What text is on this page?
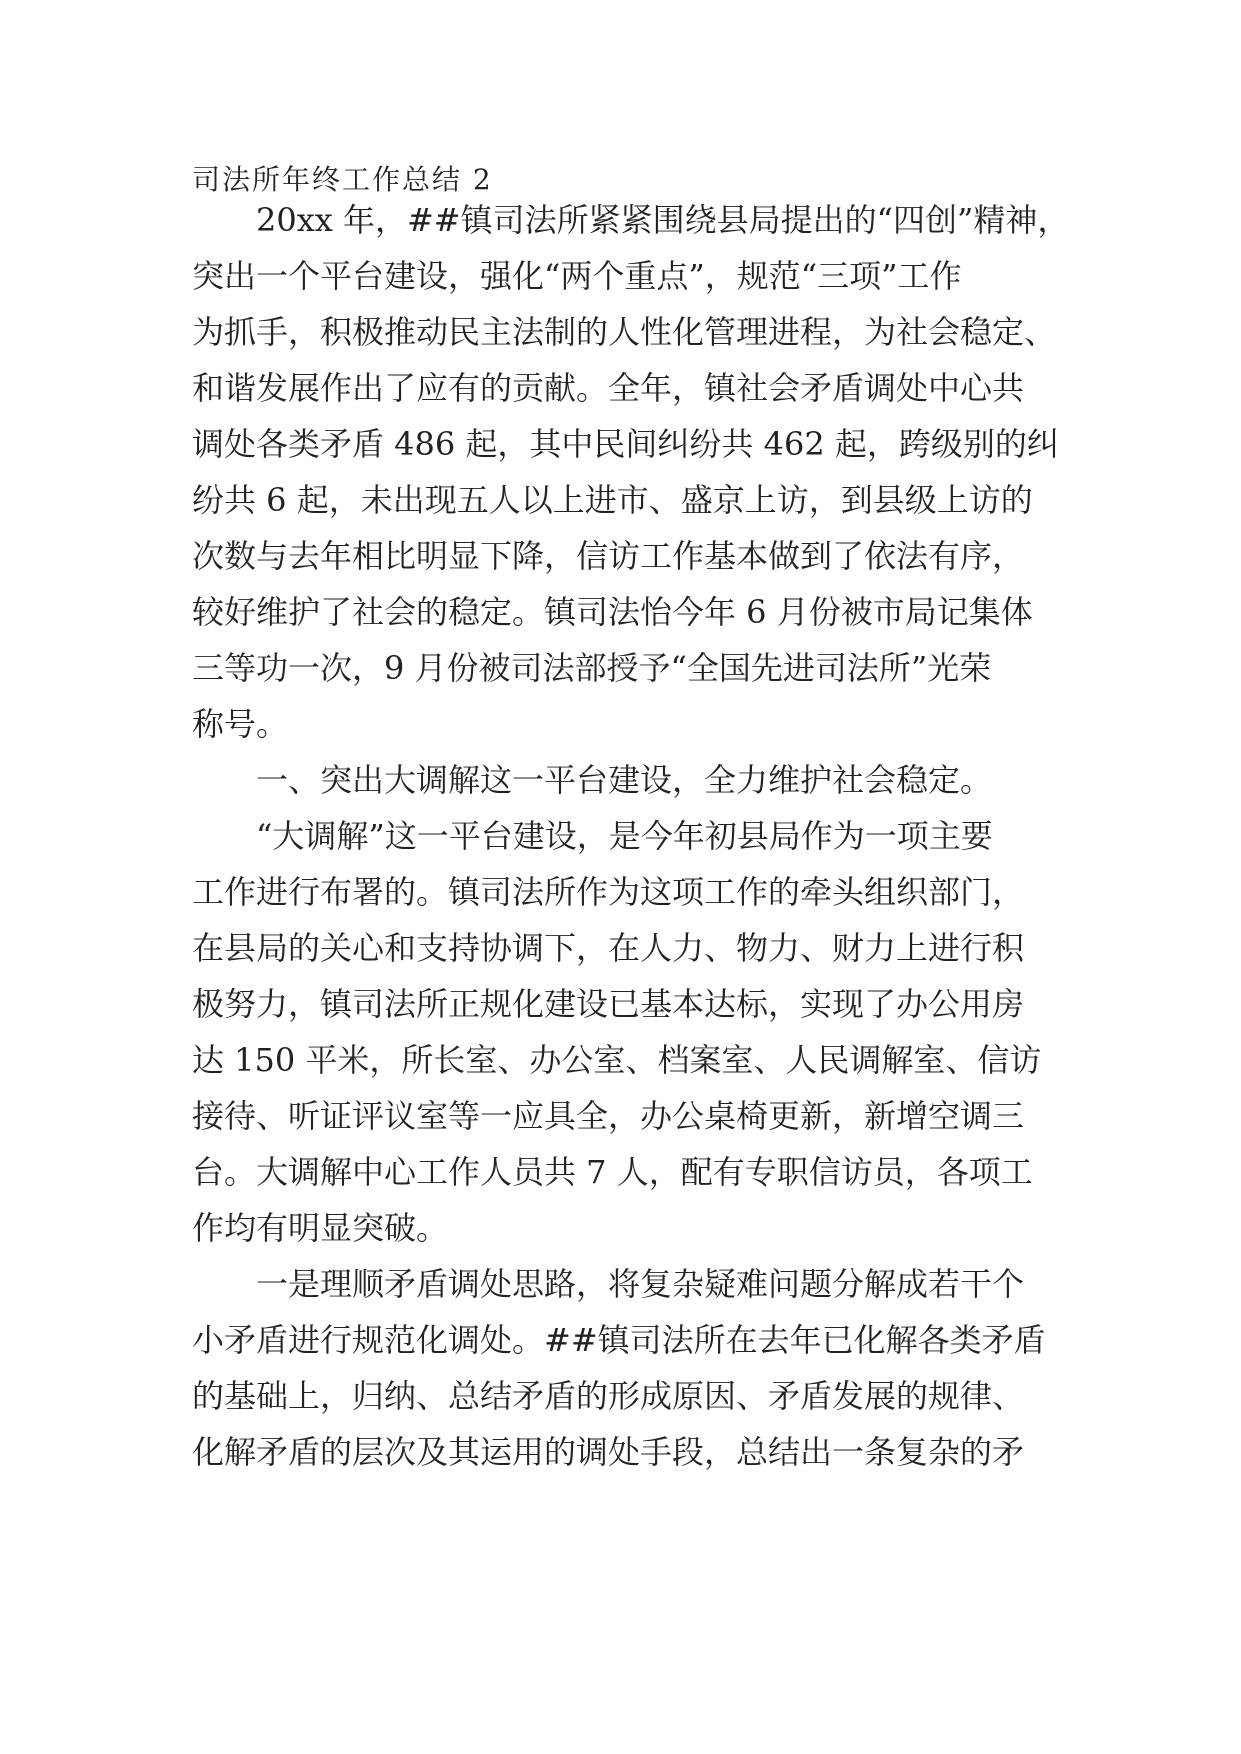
司法所年终工作总结 2
20xx 年，##镇司法所紧紧围绕县局提出的“四创”精神，
突出一个平台建设，强化“两个重点”，规范“三项”工作
为抓手，积极推动民主法制的人性化管理进程，为社会稳定、
和谐发展作出了应有的贡献。全年，镇社会矛盾调处中心共
调处各类矛盾 486 起，其中民间纠纷共 462 起，跨级别的纠
纷共 6 起，未出现五人以上进市、盛京上访，到县级上访的
次数与去年相比明显下降，信访工作基本做到了依法有序，
较好维护了社会的稳定。镇司法怡今年 6 月份被市局记集体
三等功一次，9 月份被司法部授予“全国先进司法所”光荣
称号。
一、突出大调解这一平台建设，全力维护社会稳定。
“大调解”这一平台建设，是今年初县局作为一项主要
工作进行布署的。镇司法所作为这项工作的牵头组织部门，
在县局的关心和支持协调下，在人力、物力、财力上进行积
极努力，镇司法所正规化建设已基本达标，实现了办公用房
达 150 平米，所长室、办公室、档案室、人民调解室、信访
接待、听证评议室等一应具全，办公桌椅更新，新增空调三
台。大调解中心工作人员共 7 人，配有专职信访员，各项工
作均有明显突破。
一是理顺矛盾调处思路，将复杂疑难问题分解成若干个
小矛盾进行规范化调处。##镇司法所在去年已化解各类矛盾
的基础上，归纳、总结矛盾的形成原因、矛盾发展的规律、
化解矛盾的层次及其运用的调处手段，总结出一条复杂的矛
